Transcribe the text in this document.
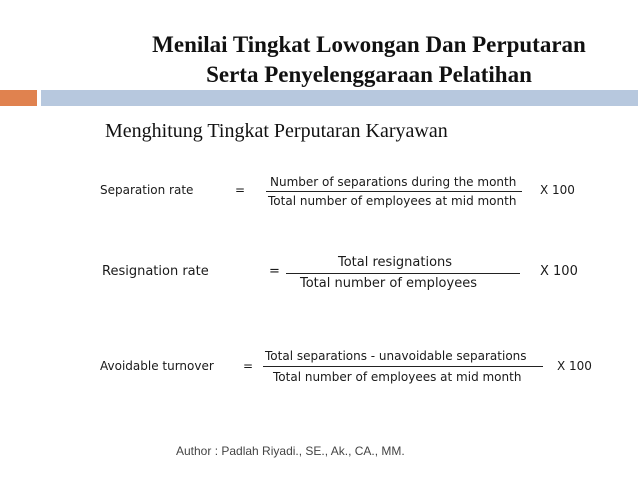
Menilai Tingkat Lowongan Dan Perputaran
Serta Penyelenggaraan Pelatihan
Menghitung Tingkat Perputaran Karyawan
Separation rate	=
Number of separations during the month
Total number of employees at mid month
X 100
Resignation rate	=
Total resignations
Total number of employees
X 100
Avoidable turnover =
Total separations - unavoidable separations
Total number of employees at mid month
X 100
Author : Padlah Riyadi., SE., Ak., CA., MM.
